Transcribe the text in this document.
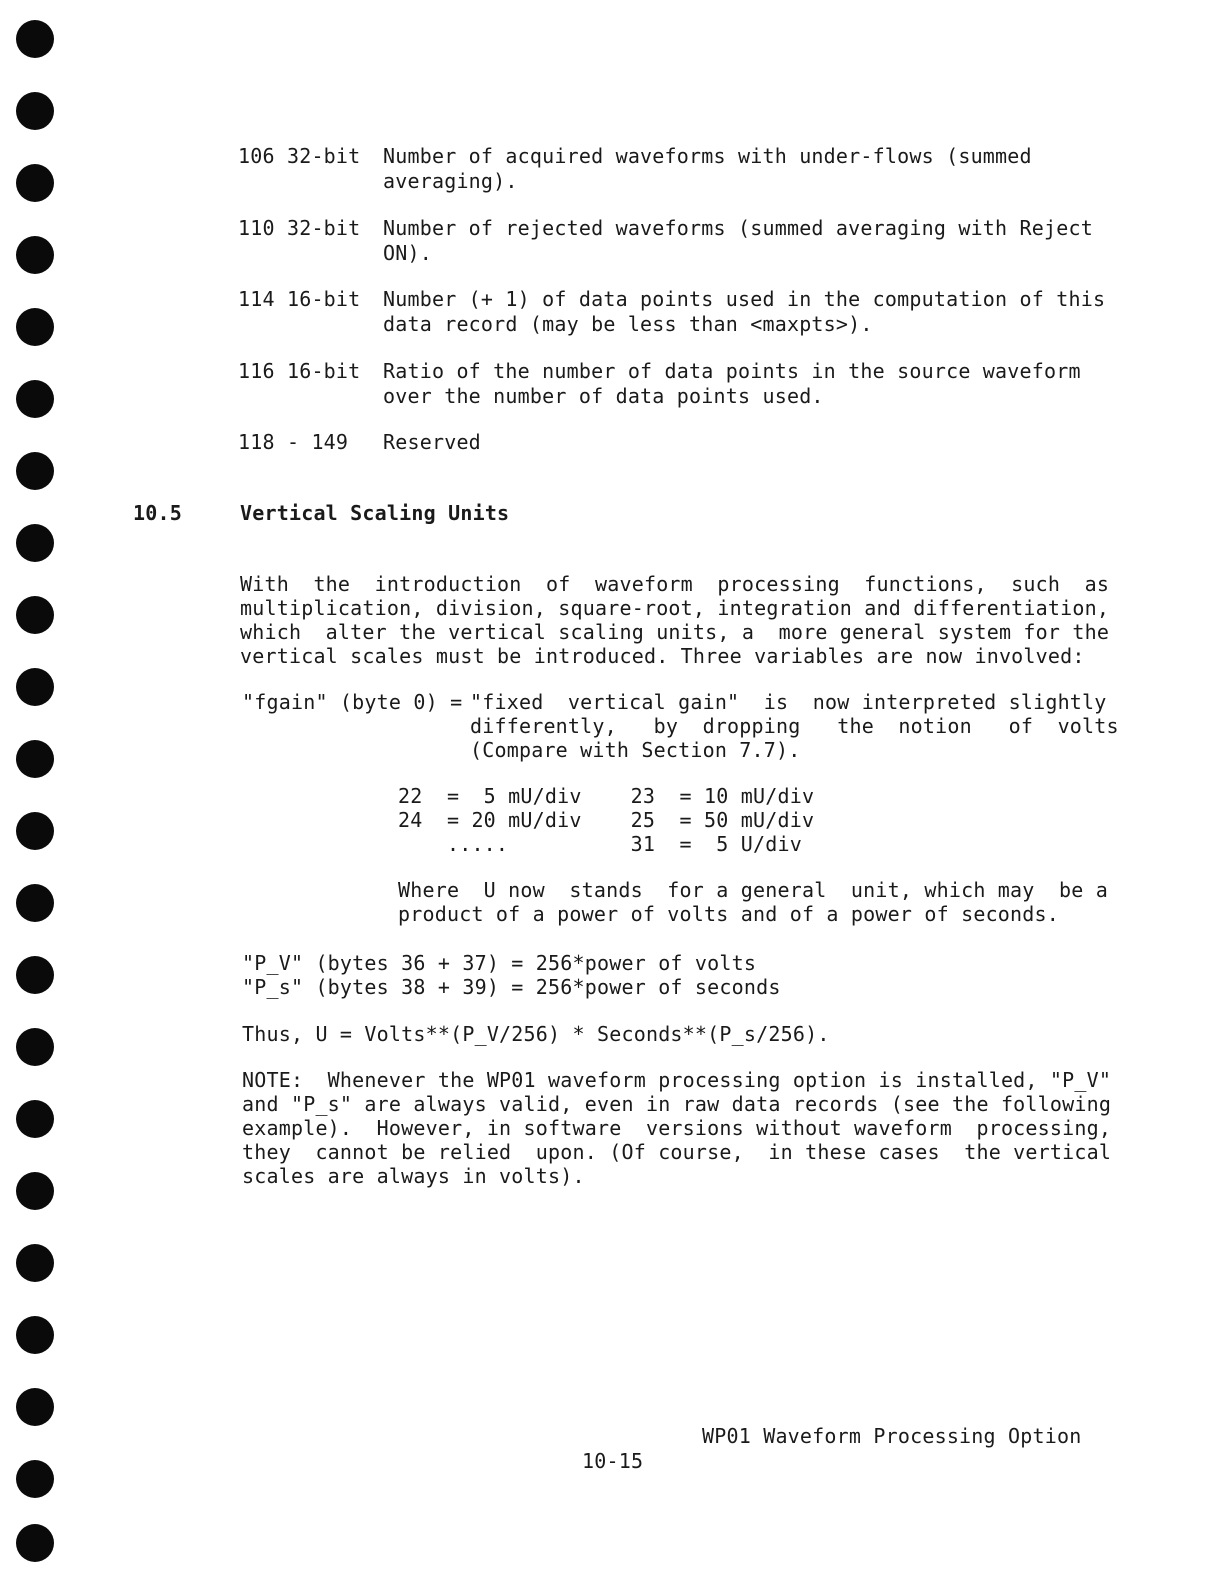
106 32-bit Number of acquired waveforms with under-flows (summed
averaging).
110 32-bit Number of rejected waveforms (summed averaging with Reject
ON).
114 16-bit Number (+ 1) of data points used in the computation of this
data record (may be less than <maxpts>).
116 16-bit Ratio of the number of data points in the source waveform
over the number of data points used.
118 - 149 Reserved
10.5	Vertical Scaling Units
With  the  introduction  of  waveform  processing  functions,  such  as
multiplication, division, square-root, integration and differentiation,
which  alter the vertical scaling units, a  more general system for the
vertical scales must be introduced. Three variables are now involved:
"fgain" (byte 0) =
"fixed  vertical gain"  is  now interpreted slightly
differently,   by  dropping   the  notion   of  volts
(Compare with Section 7.7).
22  =  5 mU/div    23  = 10 mU/div
24  = 20 mU/div    25  = 50 mU/div
.....          31  =  5 U/div
Where  U now  stands  for a general  unit, which may  be a
product of a power of volts and of a power of seconds.
"P_V" (bytes 36 + 37) = 256*power of volts
"P_s" (bytes 38 + 39) = 256*power of seconds
Thus, U = Volts**(P_V/256) * Seconds**(P_s/256).
NOTE:  Whenever the WP01 waveform processing option is installed, "P_V"
and "P_s" are always valid, even in raw data records (see the following
example).  However, in software  versions without waveform  processing,
they  cannot be relied  upon. (Of course,  in these cases  the vertical
scales are always in volts).
WP01 Waveform Processing Option
10-15
